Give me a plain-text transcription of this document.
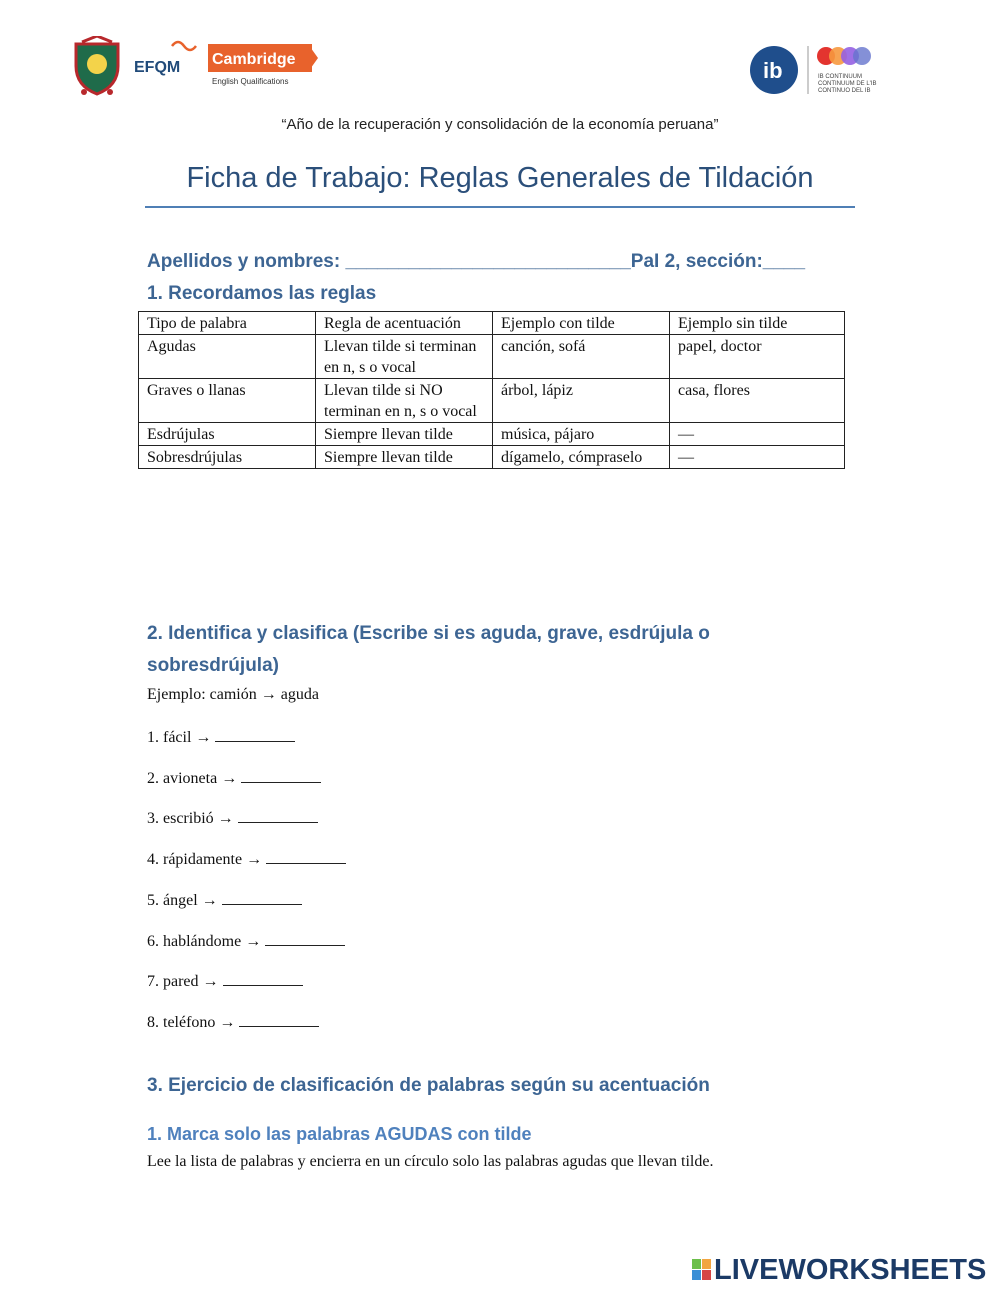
EFQM Cambridge
English Qualifications	ib	IB CONTINUUM
CONTINUUM DE L'IB
CONTINUO DEL IB
“Año de la recuperación y consolidación de la economía peruana”
Ficha de Trabajo: Reglas Generales de Tildación
Apellidos y nombres: ___________________________PaI 2, sección:____
1. Recordamos las reglas
Tipo de palabra	Regla de acentuación	Ejemplo con tilde	Ejemplo sin tilde
Agudas	Llevan tilde si terminan en n, s o vocal	canción, sofá	papel, doctor
Graves o llanas	Llevan tilde si NO terminan en n, s o vocal	árbol, lápiz	casa, flores
Esdrújulas	Siempre llevan tilde	música, pájaro	—
Sobresdrújulas	Siempre llevan tilde	dígamelo, cómpraselo	—
2. Identifica y clasifica (Escribe si es aguda, grave, esdrújula o
sobresdrújula)
Ejemplo: camión → aguda
1. fácil →
2. avioneta →
3. escribió →
4. rápidamente →
5. ángel →
6. hablándome →
7. pared →
8. teléfono →
3. Ejercicio de clasificación de palabras según su acentuación
1. Marca solo las palabras AGUDAS con tilde
Lee la lista de palabras y encierra en un círculo solo las palabras agudas que llevan tilde.
LIVEWORKSHEETS
